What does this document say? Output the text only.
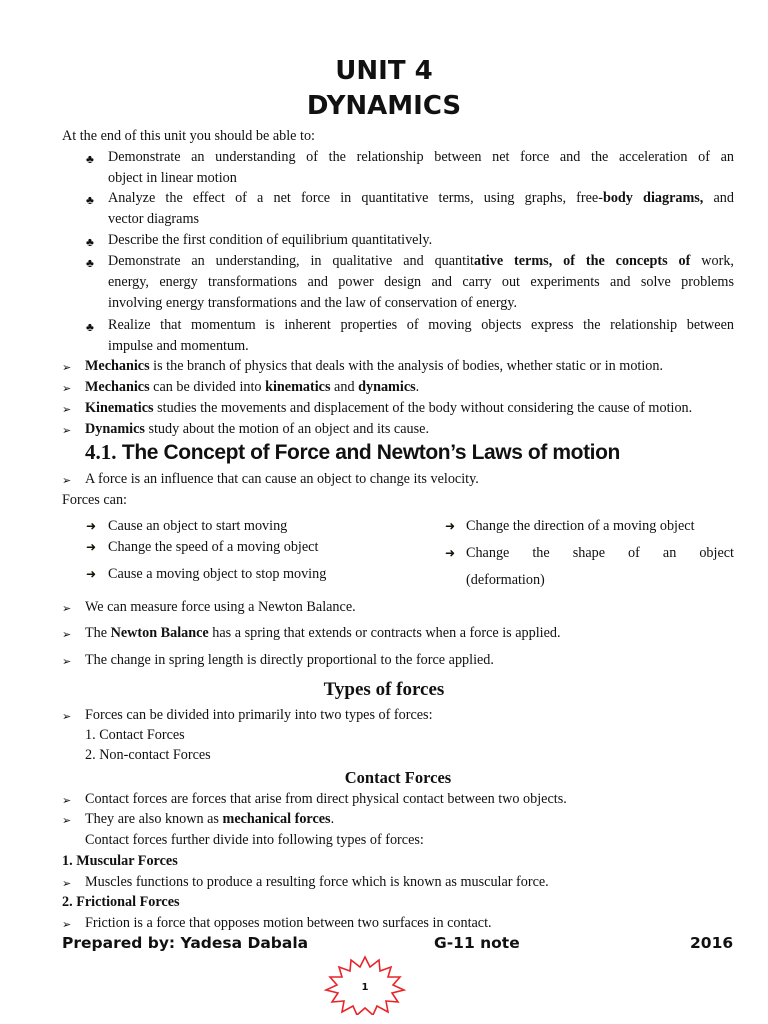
UNIT 4
DYNAMICS
At the end of this unit you should be able to:
♣ Demonstrate an understanding of the relationship between net force and the acceleration of an
object in linear motion
♣ Analyze the effect of a net force in quantitative terms, using graphs, free-body diagrams, and
vector diagrams
♣ Describe the first condition of equilibrium quantitatively.
♣ Demonstrate an understanding, in qualitative and quantitative terms, of the concepts of work,
energy, energy transformations and power design and carry out experiments and solve problems
involving energy transformations and the law of conservation of energy.
♣ Realize that momentum is inherent properties of moving objects express the relationship between
impulse and momentum.
➢ Mechanics is the branch of physics that deals with the analysis of bodies, whether static or in motion.
➢ Mechanics can be divided into kinematics and dynamics.
➢ Kinematics studies the movements and displacement of the body without considering the cause of motion.
➢ Dynamics study about the motion of an object and its cause.
4.1. The Concept of Force and Newton’s Laws of motion
➢ A force is an influence that can cause an object to change its velocity.
Forces can:
➜ Cause an object to start moving
➜ Change the speed of a moving object
➜ Cause a moving object to stop moving
➜ Change the direction of a moving object
➜ Change the shape of an object
(deformation)
➢ We can measure force using a Newton Balance.
➢ The Newton Balance has a spring that extends or contracts when a force is applied.
➢ The change in spring length is directly proportional to the force applied.
Types of forces
➢ Forces can be divided into primarily into two types of forces:
1. Contact Forces
2. Non-contact Forces
Contact Forces
➢ Contact forces are forces that arise from direct physical contact between two objects.
➢ They are also known as mechanical forces.
Contact forces further divide into following types of forces:
1. Muscular Forces
➢ Muscles functions to produce a resulting force which is known as muscular force.
2. Frictional Forces
➢ Friction is a force that opposes motion between two surfaces in contact.
Prepared by: Yadesa Dabala	G-11 note	2016
1
